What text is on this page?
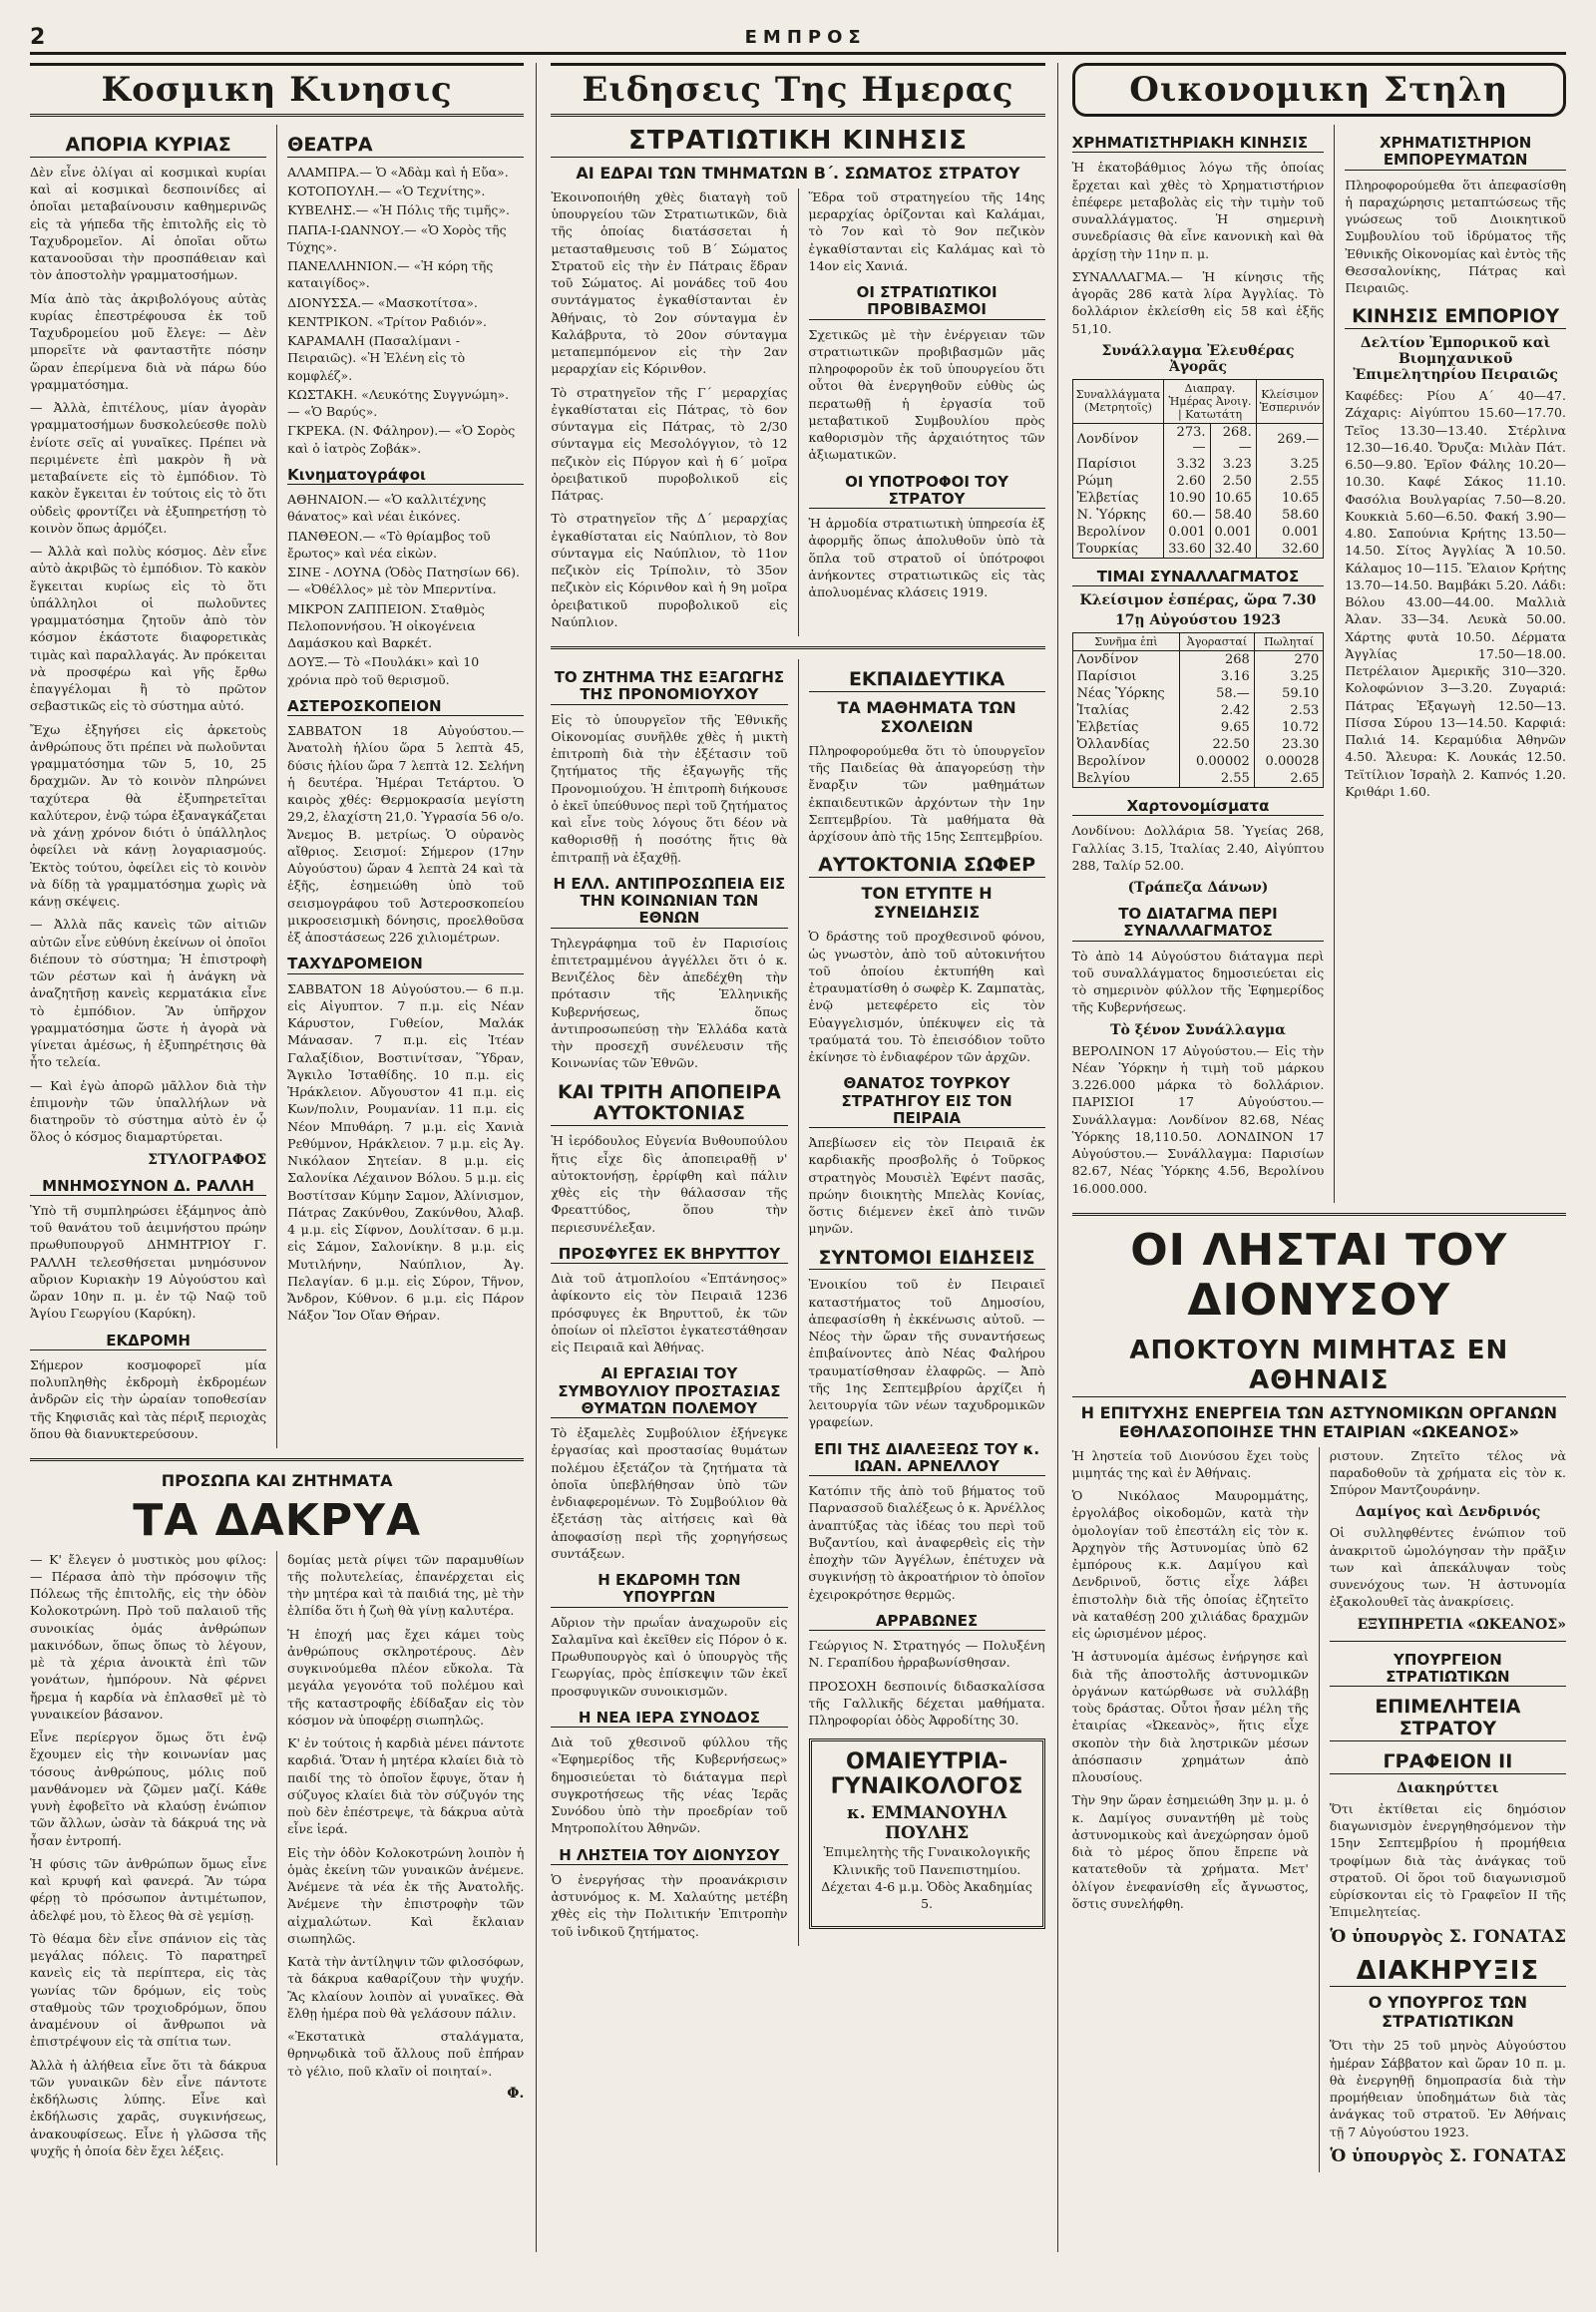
2	ΕΜΠΡΟΣ
Κοσμικη Κινησις
ΑΠΟΡΙΑ ΚΥΡΙΑΣ

Δὲν εἶνε ὀλίγαι αἱ κοσμικαὶ κυρίαι καὶ αἱ κοσμικαὶ δεσποινίδες αἱ ὁποῖαι μεταβαίνουσιν καθημερινῶς εἰς τὰ γήπεδα τῆς ἐπιτολῆς εἰς τὸ Ταχυδρομεῖον. Αἱ ὁποῖαι οὕτω κατανοοῦσαι τὴν προσπάθειαν καὶ τὸν ἀποστολὴν γραμματοσήμων.

Μία ἀπὸ τὰς ἀκριβολόγους αὐτὰς κυρίας ἐπεστρέφουσα ἐκ τοῦ Ταχυδρομείου μοῦ ἔλεγε: — Δὲν μπορεῖτε νὰ φανταστῆτε πόσην ὥραν ἐπερίμενα διὰ νὰ πάρω δύο γραμματόσημα.

— Ἀλλὰ, ἐπιτέλους, μίαν ἀγορὰν γραμματοσήμων δυσκολεύεσθε πολὺ ἐνίοτε σεῖς αἱ γυναῖκες. Πρέπει νὰ περιμένετε ἐπὶ μακρὸν ἢ νὰ μεταβαίνετε εἰς τὸ ἐμπόδιον. Τὸ κακὸν ἔγκειται ἐν τούτοις εἰς τὸ ὅτι οὐδεὶς φροντίζει νὰ ἐξυπηρετήσῃ τὸ κοινὸν ὅπως ἀρμόζει.

— Ἀλλὰ καὶ πολὺς κόσμος. Δὲν εἶνε αὐτὸ ἀκριβῶς τὸ ἐμπόδιον. Τὸ κακὸν ἔγκειται κυρίως εἰς τὸ ὅτι ὑπάλληλοι οἱ πωλοῦντες γραμματόσημα ζητοῦν ἀπὸ τὸν κόσμον ἑκάστοτε διαφορετικὰς τιμὰς καὶ παραλλαγάς. Ἀν πρόκειται νὰ προσφέρω καὶ γῆς ἔρθω ἐπαγγέλομαι ἢ τὸ πρῶτον σεβαστικῶς εἰς τὸ σύστημα αὐτό.

Ἔχω ἐξηγήσει εἰς ἀρκετοὺς ἀνθρώπους ὅτι πρέπει νὰ πωλοῦνται γραμματόσημα τῶν 5, 10, 25 δραχμῶν. Ἀν τὸ κοινὸν πληρώνει ταχύτερα θὰ ἐξυπηρετεῖται καλύτερον, ἐνῷ τώρα ἐξαναγκάζεται νὰ χάνῃ χρόνον διότι ὁ ὑπάλληλος ὀφείλει νὰ κάνῃ λογαριασμούς. Ἐκτὸς τούτου, ὀφείλει εἰς τὸ κοινὸν νὰ δίδῃ τὰ γραμματόσημα χωρὶς νὰ κάνῃ σκέψεις.

— Ἀλλὰ πᾶς κανεὶς τῶν αἰτιῶν αὐτῶν εἶνε εὐθύνη ἐκείνων οἱ ὁποῖοι διέπουν τὸ σύστημα; Ἡ ἐπιστροφὴ τῶν ρέστων καὶ ἡ ἀνάγκη νὰ ἀναζητῆσῃ κανεὶς κερματάκια εἶνε τὸ ἐμπόδιον. Ἂν ὑπῆρχον γραμματόσημα ὥστε ἡ ἀγορὰ νὰ γίνεται ἀμέσως, ἡ ἐξυπηρέτησις θὰ ἦτο τελεία.

— Καὶ ἐγὼ ἀπορῶ μᾶλλον διὰ τὴν ἐπιμονὴν τῶν ὑπαλλήλων νὰ διατηροῦν τὸ σύστημα αὐτὸ ἐν ᾧ ὅλος ὁ κόσμος διαμαρτύρεται.

ΣΤΥΛΟΓΡΑΦΟΣ
ΜΝΗΜΟΣΥΝΟΝ Δ. ΡΑΛΛΗ

Ὑπὸ τῆ συμπληρώσει ἑξάμηνος ἀπὸ τοῦ θανάτου τοῦ ἀειμνήστου πρώην πρωθυπουργοῦ ΔΗΜΗΤΡΙΟΥ Γ. ΡΑΛΛΗ τελεσθήσεται μνημόσυνον αὔριον Κυριακὴν 19 Αὐγούστου καὶ ὥραν 10ην π. μ. ἐν τῷ Ναῷ τοῦ Ἁγίου Γεωργίου (Καρύκη).

ΕΚΔΡΟΜΗ

Σήμερον κοσμοφορεῖ μία πολυπληθὴς ἐκδρομὴ ἐκδρομέων ἀνδρῶν εἰς τὴν ὡραίαν τοποθεσίαν τῆς Κηφισιᾶς καὶ τὰς πέριξ περιοχὰς ὅπου θὰ διανυκτερεύσουν.

ΘΕΑΤΡΑ
ΑΛΑΜΠΡΑ.— Ὁ «Ἀδὰμ καὶ ἡ Εὔα».
ΚΟΤΟΠΟΥΛΗ.— «Ὁ Τεχνίτης».
ΚΥΒΕΛΗΣ.— «Ἡ Πόλις τῆς τιμῆς».
ΠΑΠΑ-Ι-ΩΑΝΝΟΥ.— «Ὁ Χορὸς τῆς Τύχης».
ΠΑΝΕΛΛΗΝΙΟΝ.— «Ἡ κόρη τῆς καταιγίδος».
ΔΙΟΝΥΣΣΑ.— «Μασκοτίτσα».
ΚΕΝΤΡΙΚΟΝ. «Τρίτον Ραδιόν».
ΚΑΡΑΜΑΛΗ (Πασαλίμανι - Πειραιῶς). «Ἡ Ἐλένη εἰς τὸ κομφλέζ».
ΚΩΣΤΑΚΗ. «Λευκότης Συγγνώμη». — «Ὁ Βαρύς».
ΓΚΡΕΚΑ. (Ν. Φάληρον).— «Ὁ Σορὸς καὶ ὁ ἰατρὸς Ζοβάκ».
Κινηματογράφοι
ΑΘΗΝΑΙΟΝ.— «Ὁ καλλιτέχνης θάνατος» καὶ νέαι ἐικόνες.
ΠΑΝΘΕΟΝ.— «Τὸ θρίαμβος τοῦ ἔρωτος» καὶ νέα εἰκὼν.
ΣΙΝΕ - ΛΟΥΝΑ (Ὁδὸς Πατησίων 66).— «Ὀθέλλος» μὲ τὸν Μπερντίνα.
ΜΙΚΡΟΝ ΖΑΠΠΕΙΟΝ. Σταθμὸς Πελοποννήσου. Ἡ οἰκογένεια Δαμάσκου καὶ Βαρκέτ.
ΔΟΥΞ.— Τὸ «Πουλάκι» καὶ 10 χρόνια πρὸ τοῦ θερισμοῦ.
ΑΣΤΕΡΟΣΚΟΠΕΙΟΝ

ΣΑΒΒΑΤΟΝ 18 Αὐγούστου.— Ἀνατολὴ ἡλίου ὥρα 5 λεπτὰ 45, δύσις ἡλίου ὥρα 7 λεπτὰ 12. Σελήνη ἡ δευτέρα. Ἡμέραι Τετάρτου. Ὁ καιρὸς χθές: Θερμοκρασία μεγίστη 29,2, ἐλαχίστη 21,0. Ὑγρασία 56 ο/ο. Ἄνεμος Β. μετρίως. Ὁ οὐρανὸς αἴθριος. Σεισμοί: Σήμερον (17ην Αὐγούστου) ὥραν 4 λεπτὰ 24 καὶ τὰ ἑξῆς, ἐσημειώθη ὑπὸ τοῦ σεισμογράφου τοῦ Ἀστεροσκοπείου μικροσεισμικὴ δόνησις, προελθοῦσα ἐξ ἀποστάσεως 226 χιλιομέτρων.

ΤΑΧΥΔΡΟΜΕΙΟΝ

ΣΑΒΒΑΤΟΝ 18 Αὐγούστου.— 6 π.μ. εἰς Αἰγυπτον. 7 π.μ. εἰς Νέαν Κάρυστον, Γυθείον, Μαλάκ Μάνασαν. 7 π.μ. εἰς Ἰτέαν Γαλαξίδιον, Βοστινίτσαν, Ὕδραν, Ἄγκιλο Ἰσταθίδης. 10 π.μ. εἰς Ἡράκλειον. Αὔγουστον 41 π.μ. εἰς Κων/πολιν, Ρουμανίαν. 11 π.μ. εἰς Νέον Μπυθάρη. 7 μ.μ. εἰς Χανιὰ Ρεθύμνον, Ηράκλειον. 7 μ.μ. εἰς Ἁγ. Νικόλαον Σητείαν. 8 μ.μ. εἰς Σαλονίκα Λέχαινον Βόλου. 5 μ.μ. εἰς Βοστίτσαν Κύμην Σαμον, Ἀλίνισμον, Πάτρας Ζακύνθου, Ζακύνθου, Ἀλαβ. 4 μ.μ. εἰς Σίφνον, Δουλίτσαν. 6 μ.μ. εἰς Σάμον, Σαλονίκην. 8 μ.μ. εἰς Μυτιλήνην, Ναύπλιον, Ἀγ. Πελαγίαν. 6 μ.μ. εἰς Σύρον, Τῆνον, Ἄνδρον, Κύθνον. 6 μ.μ. εἰς Πάρον Νάξον Ἴον Οἴαν Θήραν.

ΠΡΟΣΩΠΑ ΚΑΙ ΖΗΤΗΜΑΤΑ
ΤΑ ΔΑΚΡΥΑ

— Κ' ἔλεγεν ὁ μυστικὸς μου φίλος: — Πέρασα ἀπὸ τὴν πρόσοψιν τῆς Πόλεως τῆς ἐπιτολῆς, εἰς τὴν ὁδὸν Κολοκοτρώνη. Πρὸ τοῦ παλαιοῦ τῆς συνοικίας ὁμάς ἀνθρώπων μακινόδων, ὅπως ὅπως τὸ λέγουν, μὲ τὰ χέρια ἀνοικτὰ ἐπὶ τῶν γονάτων, ἠμπόρουν. Νὰ φέρνει ἤρεμα ἡ καρδία νὰ ἐπλασθεῖ μὲ τὸ γυναικείον βάσανον.

Εἶνε περίεργον ὅμως ὅτι ἐνῷ ἔχουμεν εἰς τὴν κοινωνίαν μας τόσους ἀνθρώπους, μόλις ποῦ μανθάνομεν νὰ ζῶμεν μαζί. Κάθε γυνὴ ἐφοβεῖτο νὰ κλαύσῃ ἐνώπιον τῶν ἄλλων, ὡσὰν τὰ δάκρυά της νὰ ἦσαν ἐντροπή.

Ἡ φύσις τῶν ἀνθρώπων ὅμως εἶνε καὶ κρυφή καὶ φανερά. Ἂν τώρα φέρῃ τὸ πρόσωπον ἀντιμέτωπον, ἀδελφέ μου, τὸ ἔλεος θὰ σὲ γεμίσῃ.

Τὸ θέαμα δὲν εἶνε σπάνιον εἰς τὰς μεγάλας πόλεις. Τὸ παρατηρεῖ κανεὶς εἰς τὰ περίπτερα, εἰς τὰς γωνίας τῶν δρόμων, εἰς τοὺς σταθμοὺς τῶν τροχιοδρόμων, ὅπου ἀναμένουν οἱ ἄνθρωποι νὰ ἐπιστρέψουν εἰς τὰ σπίτια των.

Ἀλλὰ ἡ ἀλήθεια εἶνε ὅτι τὰ δάκρυα τῶν γυναικῶν δὲν εἶνε πάντοτε ἐκδήλωσις λύπης. Εἶνε καὶ ἐκδήλωσις χαρᾶς, συγκινήσεως, ἀνακουφίσεως. Εἶνε ἡ γλῶσσα τῆς ψυχῆς ἡ ὁποία δὲν ἔχει λέξεις.

δομίας μετὰ ρίψει τῶν παραμυθίων τῆς πολυτελείας, ἐπανέρχεται εἰς τὴν μητέρα καὶ τὰ παιδιά της, μὲ τὴν ἐλπίδα ὅτι ἡ ζωὴ θὰ γίνῃ καλυτέρα.

Ἡ ἐποχή μας ἔχει κάμει τοὺς ἀνθρώπους σκληροτέρους. Δὲν συγκινούμεθα πλέον εὔκολα. Τὰ μεγάλα γεγονότα τοῦ πολέμου καὶ τῆς καταστροφῆς ἐδίδαξαν εἰς τὸν κόσμον νὰ ὑποφέρῃ σιωπηλῶς.

Κ' ἐν τούτοις ἡ καρδιὰ μένει πάντοτε καρδιά. Ὅταν ἡ μητέρα κλαίει διὰ τὸ παιδί της τὸ ὁποῖον ἔφυγε, ὅταν ἡ σύζυγος κλαίει διὰ τὸν σύζυγόν της ποὺ δὲν ἐπέστρεψε, τὰ δάκρυα αὐτὰ εἶνε ἱερά.

Εἰς τὴν ὁδὸν Κολοκοτρώνη λοιπὸν ἡ ὁμὰς ἐκείνη τῶν γυναικῶν ἀνέμενε. Ἀνέμενε τὰ νέα ἐκ τῆς Ἀνατολῆς. Ἀνέμενε τὴν ἐπιστροφὴν τῶν αἰχμαλώτων. Καὶ ἔκλαιαν σιωπηλῶς.

Κατὰ τὴν ἀντίληψιν τῶν φιλοσόφων, τὰ δάκρυα καθαρίζουν τὴν ψυχήν. Ἂς κλαίουν λοιπὸν αἱ γυναῖκες. Θὰ ἔλθῃ ἡμέρα ποὺ θὰ γελάσουν πάλιν.

«Ἐκστατικὰ σταλάγματα, θρηνῳδικὰ τοῦ ἄλλους ποῦ ἐπήραν τὸ γέλιο, ποῦ κλαῖν οἱ ποιηταί».

Φ.
Ειδησεις Της Ημερας
ΣΤΡΑΤΙΩΤΙΚΗ ΚΙΝΗΣΙΣ
ΑΙ ΕΔΡΑΙ ΤΩΝ ΤΜΗΜΑΤΩΝ Β΄. ΣΩΜΑΤΟΣ ΣΤΡΑΤΟΥ

Ἐκοινοποιήθη χθὲς διαταγὴ τοῦ ὑπουργείου τῶν Στρατιωτικῶν, διὰ τῆς ὁποίας διατάσσεται ἡ μετασταθμευσις τοῦ Β΄ Σώματος Στρατοῦ εἰς τὴν ἐν Πάτραις ἕδραν τοῦ Σώματος. Αἱ μονάδες τοῦ 4ου συντάγματος ἐγκαθίστανται ἐν Ἀθήναις, τὸ 2ον σύνταγμα ἐν Καλάβρυτα, τὸ 20ον σύνταγμα μεταπεμπόμενον εἰς τὴν 2αν μεραρχίαν εἰς Κόρινθον.

Τὸ στρατηγεῖον τῆς Γ΄ μεραρχίας ἐγκαθίσταται εἰς Πάτρας, τὸ 6ον σύνταγμα εἰς Πάτρας, τὸ 2/30 σύνταγμα εἰς Μεσολόγγιον, τὸ 12 πεζικὸν εἰς Πύργον καὶ ἡ 6΄ μοῖρα ὀρειβατικοῦ πυροβολικοῦ εἰς Πάτρας.

Τὸ στρατηγεῖον τῆς Δ΄ μεραρχίας ἐγκαθίσταται εἰς Ναύπλιον, τὸ 8ον σύνταγμα εἰς Ναύπλιον, τὸ 11ον πεζικὸν εἰς Τρίπολιν, τὸ 35ον πεζικὸν εἰς Κόρινθον καὶ ἡ 9η μοῖρα ὀρειβατικοῦ πυροβολικοῦ εἰς Ναύπλιον.

Ἕδρα τοῦ στρατηγείου τῆς 14ης μεραρχίας ὁρίζονται καὶ Καλάμαι, τὸ 7ον καὶ τὸ 9ον πεζικὸν ἐγκαθίστανται εἰς Καλάμας καὶ τὸ 14ον εἰς Χανιά.

ΟΙ ΣΤΡΑΤΙΩΤΙΚΟΙ ΠΡΟΒΙΒΑΣΜΟΙ

Σχετικῶς μὲ τὴν ἐνέργειαν τῶν στρατιωτικῶν προβιβασμῶν μᾶς πληροφοροῦν ἐκ τοῦ ὑπουργείου ὅτι οὗτοι θὰ ἐνεργηθοῦν εὐθὺς ὡς περατωθῇ ἡ ἐργασία τοῦ μεταβατικοῦ Συμβουλίου πρὸς καθορισμὸν τῆς ἀρχαιότητος τῶν ἀξιωματικῶν.

ΟΙ ΥΠΟΤΡΟΦΟΙ ΤΟΥ ΣΤΡΑΤΟΥ

Ἡ ἀρμοδία στρατιωτικὴ ὑπηρεσία ἐξ ἀφορμῆς ὅπως ἀπολυθοῦν ὑπὸ τὰ ὅπλα τοῦ στρατοῦ οἱ ὑπότροφοι ἀνήκοντες στρατιωτικῶς εἰς τὰς ἀπολυομένας κλάσεις 1919.

ΤΟ ΖΗΤΗΜΑ ΤΗΣ ΕΞΑΓΩΓΗΣ ΤΗΣ ΠΡΟΝΟΜΙΟΥΧΟΥ

Εἰς τὸ ὑπουργεῖον τῆς Ἐθνικῆς Οἰκονομίας συνῆλθε χθὲς ἡ μικτὴ ἐπιτροπὴ διὰ τὴν ἐξέτασιν τοῦ ζητήματος τῆς ἐξαγωγῆς τῆς Προνομιούχου. Ἡ ἐπιτροπὴ διήκουσε ὁ ἐκεῖ ὑπεύθυνος περὶ τοῦ ζητήματος καὶ εἶνε τοὺς λόγους ὅτι δέον νὰ καθορισθῇ ἡ ποσότης ἥτις θὰ ἐπιτραπῇ νὰ ἐξαχθῇ.

Η ΕΛΛ. ΑΝΤΙΠΡΟΣΩΠΕΙΑ ΕΙΣ ΤΗΝ ΚΟΙΝΩΝΙΑΝ ΤΩΝ ΕΘΝΩΝ

Τηλεγράφημα τοῦ ἐν Παρισίοις ἐπιτετραμμένου ἀγγέλλει ὅτι ὁ κ. Βενιζέλος δὲν ἀπεδέχθη τὴν πρότασιν τῆς Ἑλληνικῆς Κυβερνήσεως, ὅπως ἀντιπροσωπεύσῃ τὴν Ἑλλάδα κατὰ τὴν προσεχῆ συνέλευσιν τῆς Κοινωνίας τῶν Ἐθνῶν.

ΚΑΙ ΤΡΙΤΗ ΑΠΟΠΕΙΡΑ ΑΥΤΟΚΤΟΝΙΑΣ

Ἡ ἰερόδουλος Εὐγενία Βυθουπούλου ἥτις εἶχε δὶς ἀποπειραθῇ ν' αὐτοκτονήσῃ, ἐρρίφθη καὶ πάλιν χθὲς εἰς τὴν θάλασσαν τῆς Φρεαττύδος, ὅπου τὴν περιεσυνέλεξαν.

ΠΡΟΣΦΥΓΕΣ ΕΚ ΒΗΡΥΤΤΟΥ

Διὰ τοῦ ἀτμοπλοίου «Ἐπτάνησος» ἀφίκοντο εἰς τὸν Πειραιᾶ 1236 πρόσφυγες ἐκ Βηρυττοῦ, ἐκ τῶν ὁποίων οἱ πλεῖστοι ἐγκατεστάθησαν εἰς Πειραιᾶ καὶ Ἀθήνας.

ΑΙ ΕΡΓΑΣΙΑΙ ΤΟΥ ΣΥΜΒΟΥΛΙΟΥ ΠΡΟΣΤΑΣΙΑΣ ΘΥΜΑΤΩΝ ΠΟΛΕΜΟΥ

Τὸ ἐξαμελὲς Συμβούλιον ἐξήνεγκε ἐργασίας καὶ προστασίας θυμάτων πολέμου ἐξετάζον τὰ ζητήματα τὰ ὁποῖα ὑπεβλήθησαν ὑπὸ τῶν ἐνδιαφερομένων. Τὸ Συμβούλιον θὰ ἐξετάσῃ τὰς αἰτήσεις καὶ θὰ ἀποφασίσῃ περὶ τῆς χορηγήσεως συντάξεων.

Η ΕΚΔΡΟΜΗ ΤΩΝ ΥΠΟΥΡΓΩΝ

Αὔριον τὴν πρωΐαν ἀναχωροῦν εἰς Σαλαμῖνα καὶ ἐκεῖθεν εἰς Πόρον ὁ κ. Πρωθυπουργὸς καὶ ὁ ὑπουργὸς τῆς Γεωργίας, πρὸς ἐπίσκεψιν τῶν ἐκεῖ προσφυγικῶν συνοικισμῶν.

Η ΝΕΑ ΙΕΡΑ ΣΥΝΟΔΟΣ

Διὰ τοῦ χθεσινοῦ φύλλου τῆς «Ἐφημερίδος τῆς Κυβερνήσεως» δημοσιεύεται τὸ διάταγμα περὶ συγκροτήσεως τῆς νέας Ἱερᾶς Συνόδου ὑπὸ τὴν προεδρίαν τοῦ Μητροπολίτου Ἀθηνῶν.

Η ΛΗΣΤΕΙΑ ΤΟΥ ΔΙΟΝΥΣΟΥ

Ὁ ἐνεργήσας τὴν προανάκρισιν ἀστυνόμος κ. Μ. Χαλαύτης μετέβη χθὲς εἰς τὴν Πολιτικήν Ἐπιτροπὴν τοῦ ἰνδικοῦ ζητήματος.

ΕΚΠΑΙΔΕΥΤΙΚΑ
ΤΑ ΜΑΘΗΜΑΤΑ ΤΩΝ ΣΧΟΛΕΙΩΝ

Πληροφορούμεθα ὅτι τὸ ὑπουργεῖον τῆς Παιδείας θὰ ἀπαγορεύσῃ τὴν ἔναρξιν τῶν μαθημάτων ἐκπαιδευτικῶν ἀρχόντων τὴν 1ην Σεπτεμβρίου. Τὰ μαθήματα θὰ ἀρχίσουν ἀπὸ τῆς 15ης Σεπτεμβρίου.

ΑΥΤΟΚΤΟΝΙΑ ΣΩΦΕΡ
ΤΟΝ ΕΤΥΠΤΕ Η ΣΥΝΕΙΔΗΣΙΣ

Ὁ δράστης τοῦ προχθεσινοῦ φόνου, ὡς γνωστὸν, ἀπὸ τοῦ αὐτοκινήτου τοῦ ὁποίου ἐκτυπήθη καὶ ἐτραυματίσθη ὁ σωφὲρ Κ. Ζαμπατὰς, ἐνῷ μετεφέρετο εἰς τὸν Εὐαγγελισμόν, ὑπέκυψεν εἰς τὰ τραύματά του. Τὸ ἐπεισόδιον τοῦτο ἐκίνησε τὸ ἐνδιαφέρον τῶν ἀρχῶν.

ΘΑΝΑΤΟΣ ΤΟΥΡΚΟΥ ΣΤΡΑΤΗΓΟΥ ΕΙΣ ΤΟΝ ΠΕΙΡΑΙΑ

Ἀπεβίωσεν εἰς τὸν Πειραιᾶ ἐκ καρδιακῆς προσβολῆς ὁ Τοῦρκος στρατηγὸς Μουσιὲλ Ἐφέντ πασᾶς, πρώην διοικητὴς Μπελὰς Κονίας, ὅστις διέμενεν ἐκεῖ ἀπὸ τινῶν μηνῶν.

ΣΥΝΤΟΜΟΙ ΕΙΔΗΣΕΙΣ

Ἐνοικίου τοῦ ἐν Πειραιεῖ καταστήματος τοῦ Δημοσίου, ἀπεφασίσθη ἡ ἐκκένωσις αὐτοῦ. — Νέος τὴν ὥραν τῆς συναντήσεως ἐπιβαίνοντες ἀπὸ Νέας Φαλήρου τραυματίσθησαν ἐλαφρῶς. — Ἀπὸ τῆς 1ης Σεπτεμβρίου ἀρχίζει ἡ λειτουργία τῶν νέων ταχυδρομικῶν γραφείων.

ΕΠΙ ΤΗΣ ΔΙΑΛΕΞΕΩΣ ΤΟΥ κ. ΙΩΑΝ. ΑΡΝΕΛΛΟΥ

Κατόπιν τῆς ἀπὸ τοῦ βήματος τοῦ Παρνασσοῦ διαλέξεως ὁ κ. Ἀρνέλλος ἀναπτύξας τὰς ἰδέας του περὶ τοῦ Βυζαντίου, καὶ ἀναφερθεὶς εἰς τὴν ἐποχὴν τῶν Ἀγγέλων, ἐπέτυχεν νὰ συγκινήσῃ τὸ ἀκροατήριον τὸ ὁποῖον ἐχειροκρότησε θερμῶς.

ΑΡΡΑΒΩΝΕΣ

Γεώργιος Ν. Στρατηγός — Πολυξένη Ν. Γεραπίδου ἠρραβωνίσθησαν.

ΠΡΟΣΟΧΗ δεσποινίς διδασκαλίσσα τῆς Γαλλικῆς δέχεται μαθήματα. Πληροφορίαι ὁδὸς Ἀφροδίτης 30.

ΟΜΑΙΕΥΤΡΙΑ-ΓΥΝΑΙΚΟΛΟΓΟΣ
κ. ΕΜΜΑΝΟΥΗΛ ΠΟΥΛΗΣ

Ἐπιμελητὴς τῆς Γυναικολογικῆς Κλινικῆς τοῦ Πανεπιστημίου. Δέχεται 4-6 μ.μ. Ὁδὸς Ἀκαδημίας 5.

Οικονομικη Στηλη
ΧΡΗΜΑΤΙΣΤΗΡΙΑΚΗ ΚΙΝΗΣΙΣ

Ἡ ἑκατοβάθμιος λόγω τῆς ὁποίας ἔρχεται καὶ χθὲς τὸ Χρηματιστήριον ἐπέφερε μεταβολὰς εἰς τὴν τιμὴν τοῦ συναλλάγματος. Ἡ σημερινὴ συνεδρίασις θὰ εἶνε κανονικὴ καὶ θὰ ἀρχίσῃ τὴν 11ην π. μ.

ΣΥΝΑΛΛΑΓΜΑ.— Ἡ κίνησις τῆς ἀγορᾶς 286 κατὰ λίρα Ἀγγλίας. Τὸ δολλάριον ἐκλείσθη εἰς 58 καὶ ἑξῆς 51,10.

Συνάλλαγμα Ἐλευθέρας Ἀγορᾶς
Συναλλάγματα (Μετρητοῖς)	Διαπραγ. Ἡμέρας Ἀνοιγ. | Κατωτάτη		Κλείσιμον Ἐσπερινόν
Λονδίνον	273.—	268.—	269.—
Παρίσιοι	3.32	3.23	3.25
Ρώμη	2.60	2.50	2.55
Ἑλβετίας	10.90	10.65	10.65
Ν. Ὑόρκης	60.—	58.40	58.60
Βερολίνον	0.001	0.001	0.001
Τουρκίας	33.60	32.40	32.60
ΤΙΜΑΙ ΣΥΝΑΛΛΑΓΜΑΤΟΣ
Κλείσιμον ἑσπέρας, ὥρα 7.30
17ῃ Αὐγούστου 1923
Συνῆμα ἑπὶ	Ἀγορασταί	Πωληταί
Λονδίνον	268	270
Παρίσιοι	3.16	3.25
Νέας Ὑόρκης	58.—	59.10
Ἰταλίας	2.42	2.53
Ἑλβετίας	9.65	10.72
Ὀλλανδίας	22.50	23.30
Βερολίνον	0.00002	0.00028
Βελγίου	2.55	2.65
Χαρτονομίσματα

Λονδίνου: Δολλάρια 58. Ὑγείας 268, Γαλλίας 3.15, Ἰταλίας 2.40, Αἰγύπτου 288, Ταλίρ 52.00.

(Τράπεζα Δάνων)
ΤΟ ΔΙΑΤΑΓΜΑ ΠΕΡΙ ΣΥΝΑΛΛΑΓΜΑΤΟΣ

Τὸ ἀπὸ 14 Αὐγούστου διάταγμα περὶ τοῦ συναλλάγματος δημοσιεύεται εἰς τὸ σημερινὸν φύλλον τῆς Ἐφημερίδος τῆς Κυβερνήσεως.

Τὸ ξένον Συνάλλαγμα

ΒΕΡΟΛΙΝΟΝ 17 Αὐγούστου.— Εἰς τὴν Νέαν Ὑόρκην ἡ τιμὴ τοῦ μάρκου 3.226.000 μάρκα τὸ δολλάριον. ΠΑΡΙΣΙΟΙ 17 Αὐγούστου.— Συνάλλαγμα: Λονδίνον 82.68, Νέας Ὑόρκης 18,110.50. ΛΟΝΔΙΝΟΝ 17 Αὐγούστου.— Συνάλλαγμα: Παρισίων 82.67, Νέας Ὑόρκης 4.56, Βερολίνου 16.000.000.

ΧΡΗΜΑΤΙΣΤΗΡΙΟΝ ΕΜΠΟΡΕΥΜΑΤΩΝ

Πληροφορούμεθα ὅτι ἀπεφασίσθη ἡ παραχώρησις μεταπτώσεως τῆς γνώσεως τοῦ Διοικητικοῦ Συμβουλίου τοῦ ἱδρύματος τῆς Ἐθνικῆς Οἰκονομίας καὶ ἐντὸς τῆς Θεσσαλονίκης, Πάτρας καὶ Πειραιῶς.

ΚΙΝΗΣΙΣ ΕΜΠΟΡΙΟΥ
Δελτίον Ἐμπορικοῦ καὶ Βιομηχανικοῦ Ἐπιμελητηρίου Πειραιῶς

Καφέδες: Ρίου Α΄ 40—47. Ζάχαρις: Αἰγύπτου 15.60—17.70. Τεῖος 13.30—13.40. Στέρλινα 12.30—16.40. Ὄρυζα: Μιλὰν Πάτ. 6.50—9.80. Ἐρῖον Φάλης 10.20—10.30. Καφέ Σάκος 11.10. Φασόλια Βουλγαρίας 7.50—8.20. Κουκκιὰ 5.60—6.50. Φακή 3.90—4.80. Σαπούνια Κρήτης 13.50—14.50. Σίτος Ἀγγλίας Ἄ 10.50. Κάλαμος 10—115. Ἔλαιον Κρήτης 13.70—14.50. Βαμβάκι 5.20. Λάδι: Βόλου 43.00—44.00. Μαλλιὰ Ἀλαν. 33—34. Λευκὰ 50.00. Χάρτης φυτὰ 10.50. Δέρματα Ἀγγλίας 17.50—18.00. Πετρέλαιον Ἀμερικῆς 310—320. Κολοφώνιον 3—3.20. Ζυγαριά: Πάτρας Ἐξαγωγὴ 12.50—13. Πίσσα Σύρου 13—14.50. Καρφιά: Παλιά 14. Κεραμύδια Ἀθηνῶν 4.50. Ἄλευρα: Κ. Λουκάς 12.50. Τεϊτίλιον Ἰσραὴλ 2. Καπνός 1.20. Κριθάρι 1.60.

ΟΙ ΛΗΣΤΑΙ ΤΟΥ ΔΙΟΝΥΣΟΥ
ΑΠΟΚΤΟΥΝ ΜΙΜΗΤΑΣ ΕΝ ΑΘΗΝΑΙΣ
Η ΕΠΙΤΥΧΗΣ ΕΝΕΡΓΕΙΑ ΤΩΝ ΑΣΤΥΝΟΜΙΚΩΝ ΟΡΓΑΝΩΝ ΕΘΗΛΑΣΟΠΟΙΗΣΕ ΤΗΝ ΕΤΑΙΡΙΑΝ «ΩΚΕΑΝΟΣ»

Ἡ ληστεία τοῦ Διονύσου ἔχει τοὺς μιμητάς της καὶ ἐν Ἀθήναις.

Ὁ Νικόλαος Μαυρομμάτης, ἐργολάβος οἰκοδομῶν, κατὰ τὴν ὁμολογίαν τοῦ ἐπεστάλη εἰς τὸν κ. Ἀρχηγὸν τῆς Ἀστυνομίας ὑπὸ 62 ἐμπόρους κ.κ. Δαμίγου καὶ Δενδρινοῦ, ὅστις εἶχε λάβει ἐπιστολὴν διὰ τῆς ὁποίας ἐζητεῖτο νὰ καταθέσῃ 200 χιλιάδας δραχμῶν εἰς ὡρισμένον μέρος.

Ἡ ἀστυνομία ἀμέσως ἐνήργησε καὶ διὰ τῆς ἀποστολῆς ἀστυνομικῶν ὀργάνων κατώρθωσε νὰ συλλάβῃ τοὺς δράστας. Οὗτοι ἦσαν μέλη τῆς ἐταιρίας «Ὠκεανὸς», ἥτις εἶχε σκοπὸν τὴν διὰ ληστρικῶν μέσων ἀπόσπασιν χρημάτων ἀπὸ πλουσίους.

Τὴν 9ην ὥραν ἐσημειώθη 3ην μ. μ. ὁ κ. Δαμίγος συναντήθη μὲ τοὺς ἀστυνομικοὺς καὶ ἀνεχώρησαν ὁμοῦ διὰ τὸ μέρος ὅπου ἔπρεπε νὰ κατατεθοῦν τὰ χρήματα. Μετ' ὀλίγον ἐνεφανίσθη εἷς ἄγνωστος, ὅστις συνελήφθη.

ριστουν. Ζητεῖτο τέλος νὰ παραδοθοῦν τὰ χρήματα εἰς τὸν κ. Σπύρον Μαντζουράνην.

Δαμίγος καὶ Δενδρινός

Οἱ συλληφθέντες ἐνώπιον τοῦ ἀνακριτοῦ ὡμολόγησαν τὴν πρᾶξιν των καὶ ἀπεκάλυψαν τοὺς συνενόχους των. Ἡ ἀστυνομία ἐξακολουθεῖ τὰς ἀνακρίσεις.

ΕΞΥΠΗΡΕΤΙΑ «ΩΚΕΑΝΟΣ»
ΥΠΟΥΡΓΕΙΟΝ ΣΤΡΑΤΙΩΤΙΚΩΝ
ΕΠΙΜΕΛΗΤΕΙΑ ΣΤΡΑΤΟΥ
ΓΡΑΦΕΙΟΝ ΙΙ
Διακηρύττει

Ὅτι ἐκτίθεται εἰς δημόσιον διαγωνισμὸν ἐνεργηθησόμενον τὴν 15ην Σεπτεμβρίου ἡ προμήθεια τροφίμων διὰ τὰς ἀνάγκας τοῦ στρατοῦ. Οἱ ὅροι τοῦ διαγωνισμοῦ εὑρίσκονται εἰς τὸ Γραφεῖον ΙΙ τῆς Ἐπιμελητείας.

Ὁ ὑπουργὸς Σ. ΓΟΝΑΤΑΣ
ΔΙΑΚΗΡΥΞΙΣ
Ο ΥΠΟΥΡΓΟΣ ΤΩΝ ΣΤΡΑΤΙΩΤΙΚΩΝ

Ὅτι τὴν 25 τοῦ μηνὸς Αὐγούστου ἡμέραν Σάββατον καὶ ὥραν 10 π. μ. θὰ ἐνεργηθῇ δημοπρασία διὰ τὴν προμήθειαν ὑποδημάτων διὰ τὰς ἀνάγκας τοῦ στρατοῦ. Ἐν Ἀθήναις τῇ 7 Αὐγούστου 1923.

Ὁ ὑπουργὸς Σ. ΓΟΝΑΤΑΣ
